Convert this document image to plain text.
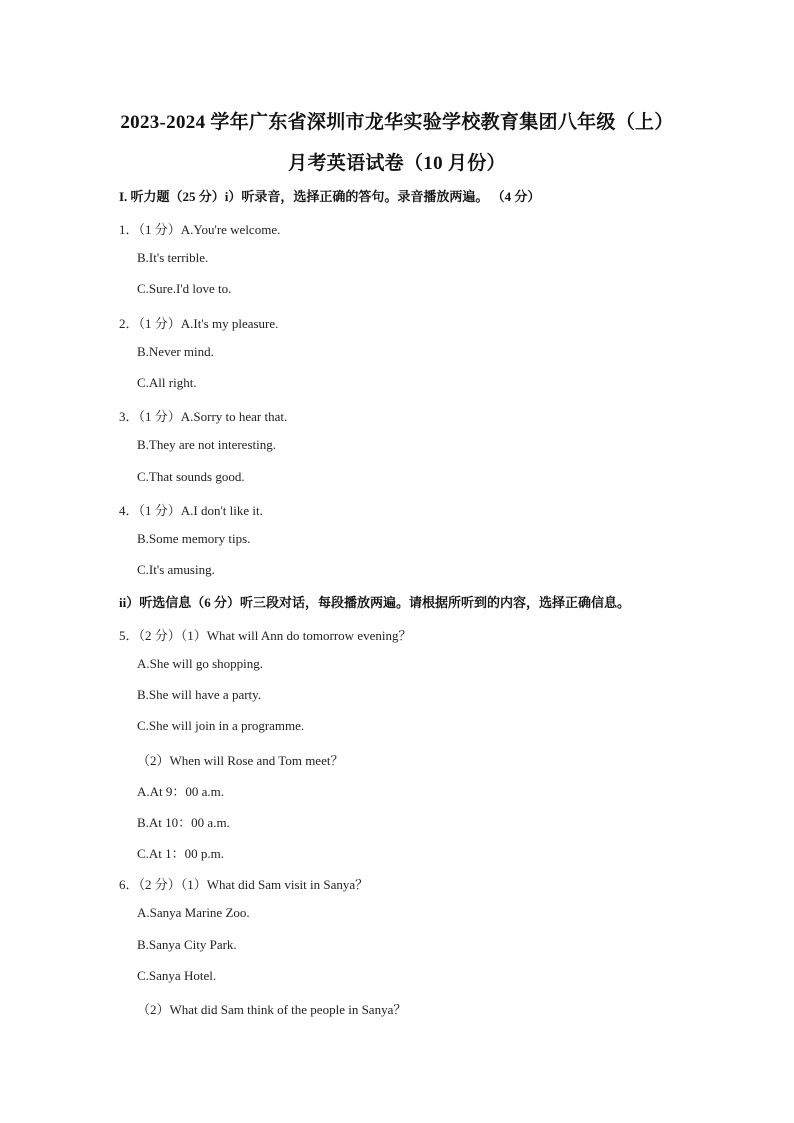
2023-2024 学年广东省深圳市龙华实验学校教育集团八年级（上）
月考英语试卷（10 月份）
I. 听力题（25 分）i）听录音，选择正确的答句。录音播放两遍。 （4 分）
1．（1 分）A.You're welcome.
B.It's terrible.
C.Sure.I'd love to.
2．（1 分）A.It's my pleasure.
B.Never mind.
C.All right.
3．（1 分）A.Sorry to hear that.
B.They are not interesting.
C.That sounds good.
4．（1 分）A.I don't like it.
B.Some memory tips.
C.It's amusing.
ii）听选信息（6 分）听三段对话，每段播放两遍。请根据所听到的内容，选择正确信息。
5．（2 分）（1）What will Ann do tomorrow evening？
A.She will go shopping.
B.She will have a party.
C.She will join in a programme.
（2）When will Rose and Tom meet？
A.At 9：00 a.m.
B.At 10：00 a.m.
C.At 1：00 p.m.
6．（2 分）（1）What did Sam visit in Sanya？
A.Sanya Marine Zoo.
B.Sanya City Park.
C.Sanya Hotel.
（2）What did Sam think of the people in Sanya？
